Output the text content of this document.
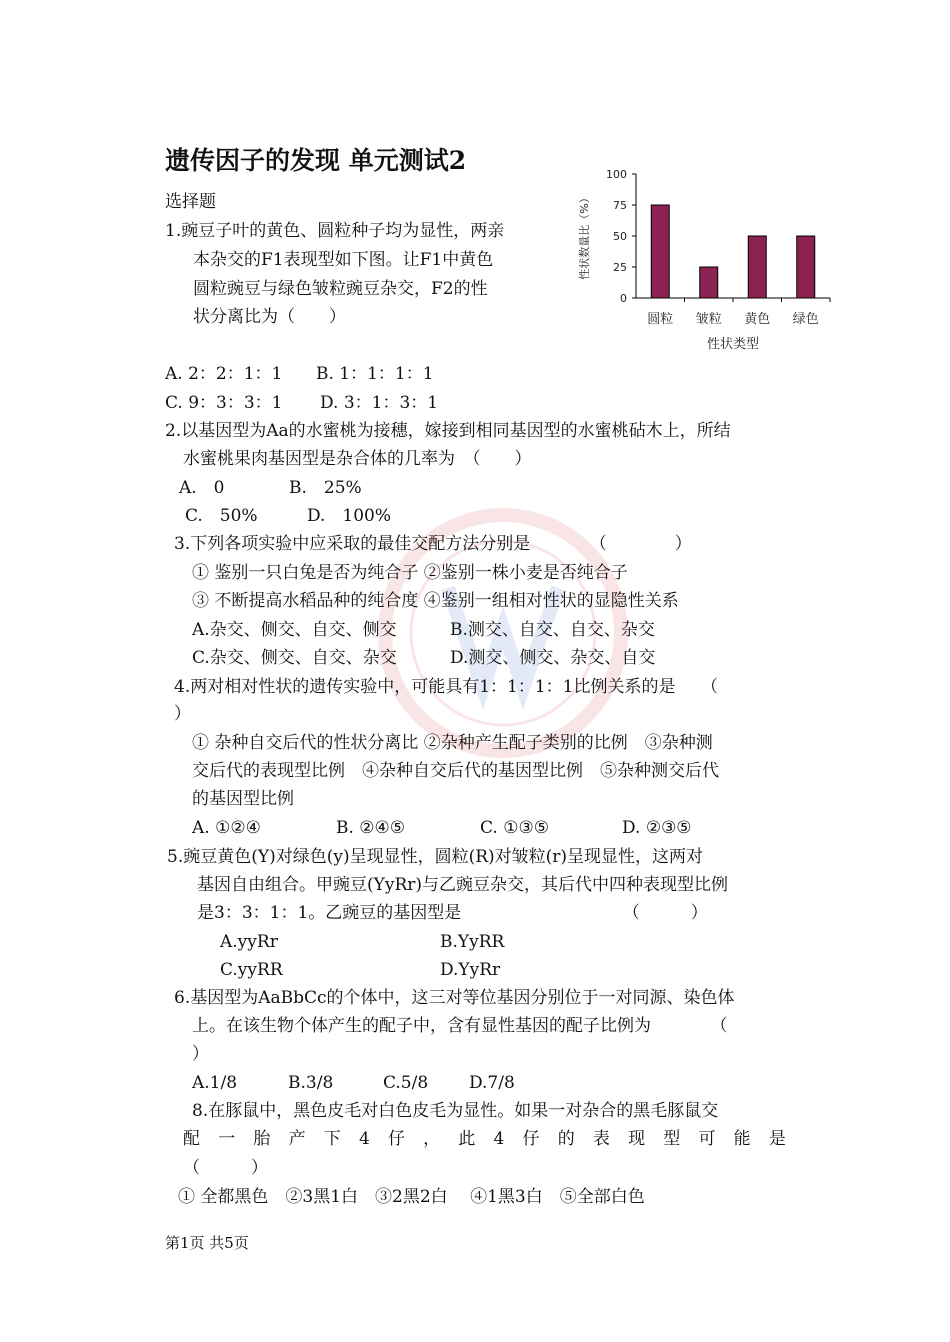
遗传因子的发现 单元测试2
选择题
1.豌豆子叶的黄色、圆粒种子均为显性，两亲
本杂交的F1表现型如下图。让F1中黄色
圆粒豌豆与绿色皱粒豌豆杂交，F2的性
状分离比为（　　）
0
25
50
75
100
圆粒 皱粒 黄色 绿色
性状类型
性状数量比（%）
A. 2：2：1：1 B. 1：1：1：1
C. 9：3：3：1 D. 3：1：3：1
2.以基因型为Aa的水蜜桃为接穗，嫁接到相同基因型的水蜜桃砧木上，所结
水蜜桃果肉基因型是杂合体的几率为　（　　）
A.　0	B.　25%
C.　50%	D.　100%
3.下列各项实验中应采取的最佳交配方法分别是　　　　（　　　　）
① 鉴别一只白兔是否为纯合子 ②鉴别一株小麦是否纯合子
③ 不断提高水稻品种的纯合度 ④鉴别一组相对性状的显隐性关系
A.杂交、侧交、自交、侧交	B.测交、自交、自交、杂交
C.杂交、侧交、自交、杂交	D.测交、侧交、杂交、自交
4.两对相对性状的遗传实验中，可能具有1：1：1：1比例关系的是　　（
）
① 杂种自交后代的性状分离比 ②杂种产生配子类别的比例　③杂种测
交后代的表现型比例　④杂种自交后代的基因型比例　⑤杂种测交后代
的基因型比例
A. ①②④	B. ②④⑤	C. ①③⑤	D. ②③⑤
5.豌豆黄色(Y)对绿色(y)呈现显性，圆粒(R)对皱粒(r)呈现显性，这两对
基因自由组合。甲豌豆(YyRr)与乙豌豆杂交，其后代中四种表现型比例
是3：3：1：1。乙豌豆的基因型是　　　　　　　　　　（　　　）
A.yyRr	B.YyRR
C.yyRR	D.YyRr
6.基因型为AaBbCc的个体中，这三对等位基因分别位于一对同源、染色体
上。在该生物个体产生的配子中，含有显性基因的配子比例为　　　　（
）
A.1/8	B.3/8	C.5/8 D.7/8
8.在豚鼠中，黑色皮毛对白色皮毛为显性。如果一对杂合的黑毛豚鼠交
配 一 胎 产 下 4 仔 ， 此 4 仔 的 表 现 型 可 能 是
（　　　）
① 全都黑色　②3黑1白　③2黑2白　 ④1黑3白　⑤全部白色
第1页 共5页
